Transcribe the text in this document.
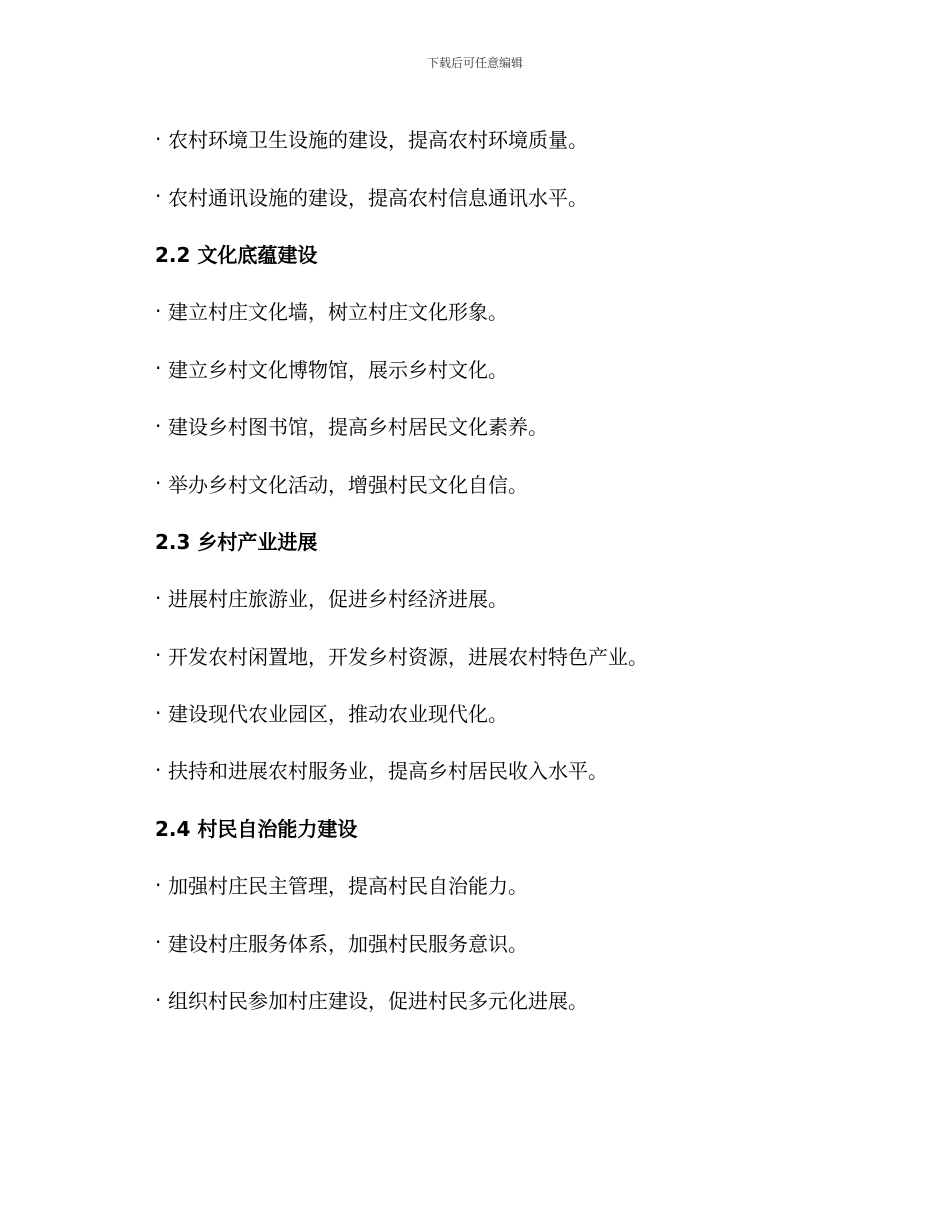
下载后可任意编辑
· 农村环境卫生设施的建设，提高农村环境质量。
· 农村通讯设施的建设，提高农村信息通讯水平。
2.2 文化底蕴建设
· 建立村庄文化墙，树立村庄文化形象。
· 建立乡村文化博物馆，展示乡村文化。
· 建设乡村图书馆，提高乡村居民文化素养。
· 举办乡村文化活动，增强村民文化自信。
2.3 乡村产业进展
· 进展村庄旅游业，促进乡村经济进展。
· 开发农村闲置地，开发乡村资源，进展农村特色产业。
· 建设现代农业园区，推动农业现代化。
· 扶持和进展农村服务业，提高乡村居民收入水平。
2.4 村民自治能力建设
· 加强村庄民主管理，提高村民自治能力。
· 建设村庄服务体系，加强村民服务意识。
· 组织村民参加村庄建设，促进村民多元化进展。
